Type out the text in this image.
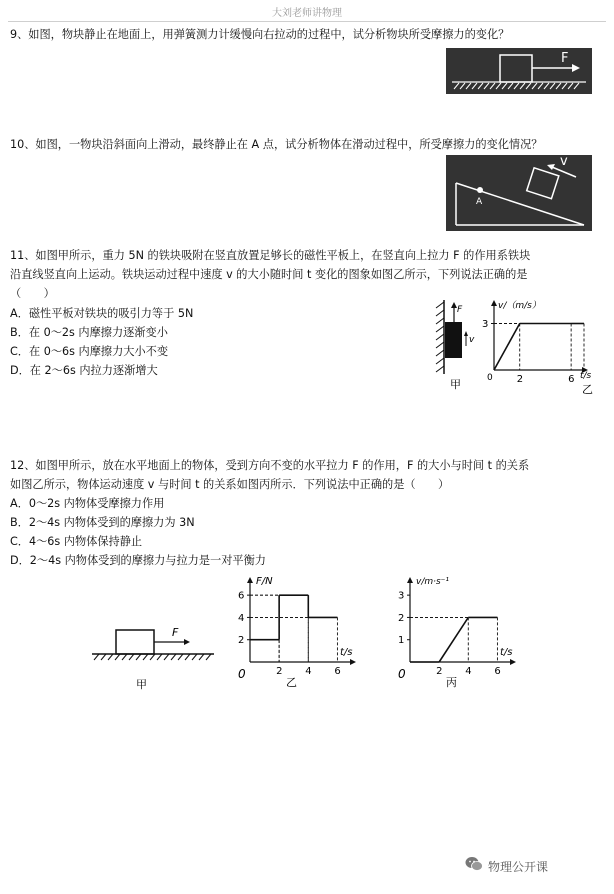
大刘老师讲物理
9、如图，物块静止在地面上，用弹簧测力计缓慢向右拉动的过程中，试分析物块所受摩擦力的变化？
F
10、如图，一物块沿斜面向上滑动，最终静止在 A 点，试分析物体在滑动过程中，所受摩擦力的变化情况？
A
v
11、如图甲所示，重力 5N 的铁块吸附在竖直放置足够长的磁性平板上，在竖直向上拉力 F 的作用系铁块
沿直线竖直向上运动。铁块运动过程中速度 v 的大小随时间 t 变化的图象如图乙所示，下列说法正确的是
（　　）
A．磁性平板对铁块的吸引力等于 5N
B．在 0～2s 内摩擦力逐渐变小
C．在 0～6s 内摩擦力大小不变
D．在 2～6s 内拉力逐渐增大
F
v
甲
v/（m/s）
t/s
0
乙
3
2	6
12、如图甲所示，放在水平地面上的物体，受到方向不变的水平拉力 F 的作用，F 的大小与时间 t 的关系
如图乙所示，物体运动速度 v 与时间 t 的关系如图丙所示．下列说法中正确的是（　　）
A．0～2s 内物体受摩擦力作用
B．2～4s 内物体受到的摩擦力为 3N
C．4～6s 内物体保持静止
D．2～4s 内物体受到的摩擦力与拉力是一对平衡力
F
甲
F/N
t/s
0
乙
2
4
6
2 4 6
v/m·s⁻¹
t/s
0
丙
1
2
3
2 4 6
物理公开课
